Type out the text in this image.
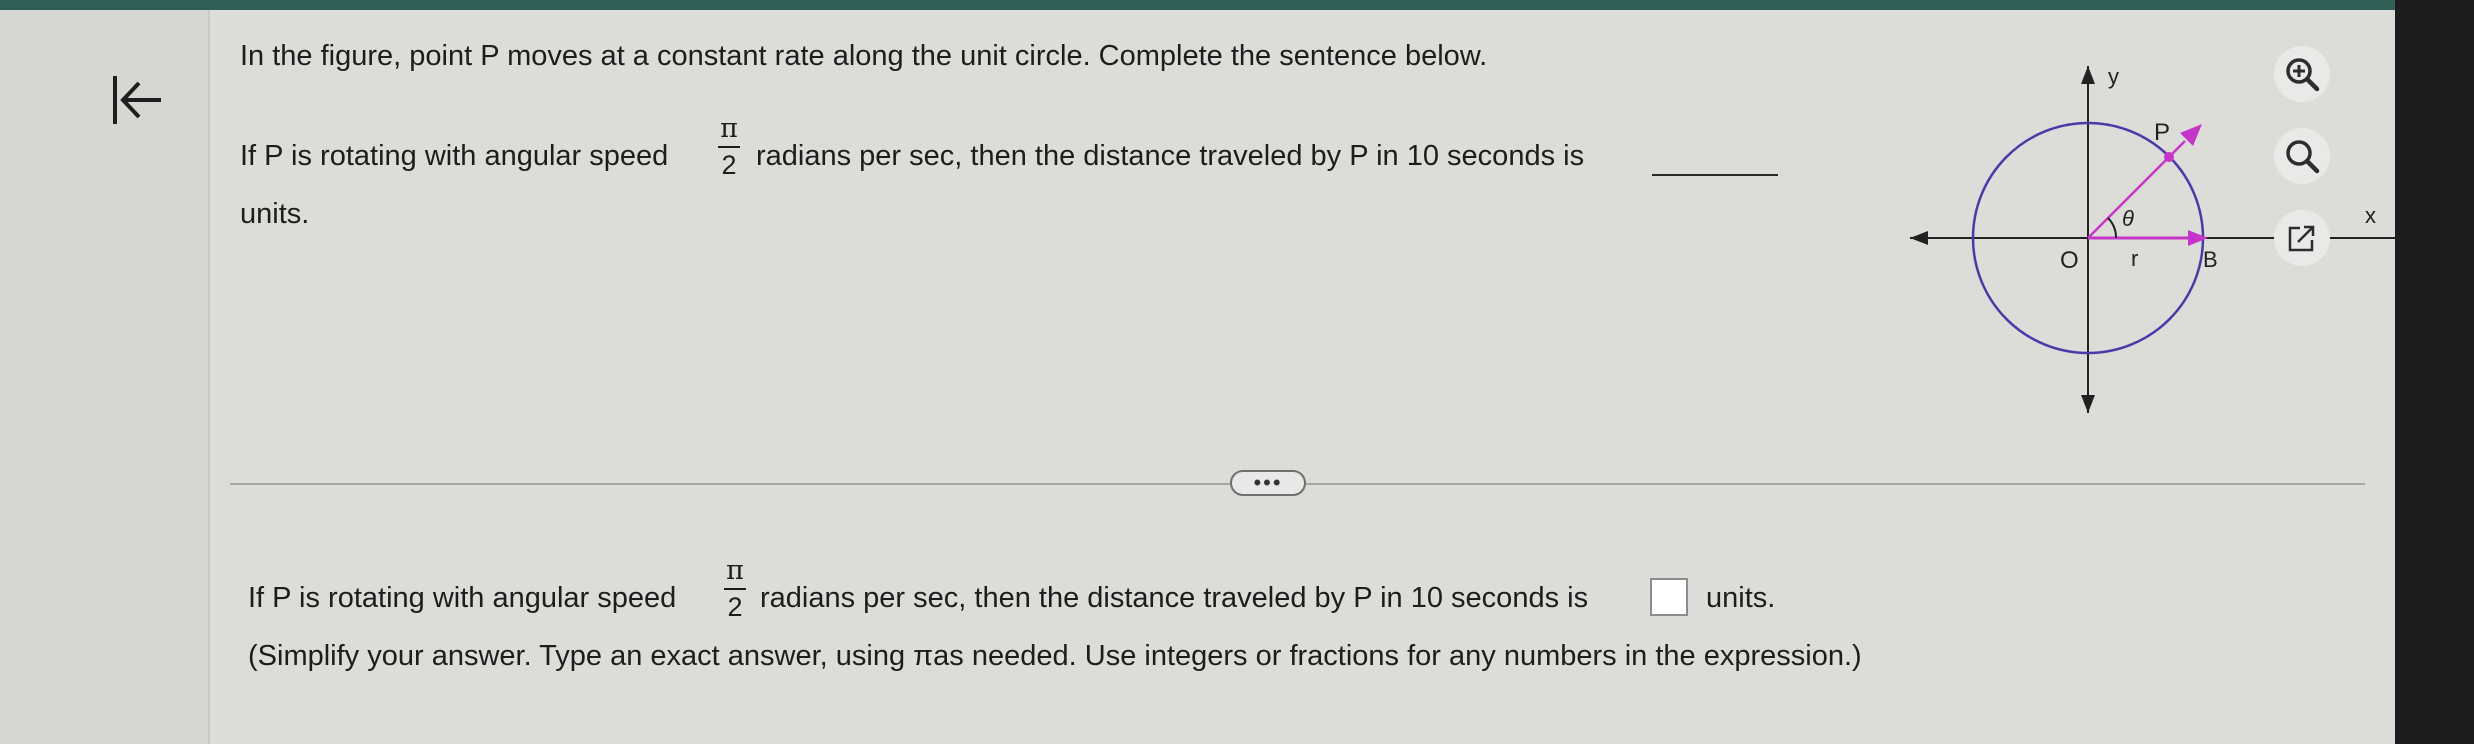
In the figure, point P moves at a constant rate along the unit circle. Complete the sentence below.
If P is rotating with angular speed
π
2 radians per sec, then the distance traveled by P in 10 seconds is
units.
y
x
P
O r	B
θ
If P is rotating with angular speed
π
2 radians per sec, then the distance traveled by P in 10 seconds is	units.
(Simplify your answer. Type an exact answer, using πas needed. Use integers or fractions for any numbers in the expression.)
•••
